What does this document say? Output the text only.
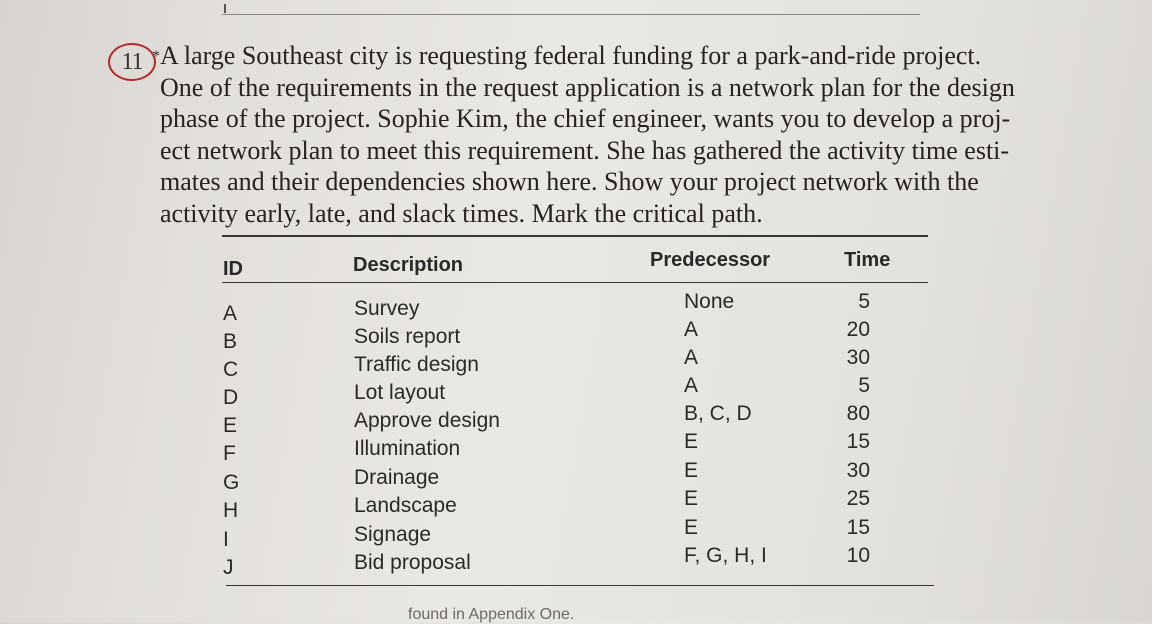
11 * A large Southeast city is requesting federal funding for a park-and-ride project.
One of the requirements in the request application is a network plan for the design
phase of the project. Sophie Kim, the chief engineer, wants you to develop a proj-
ect network plan to meet this requirement. She has gathered the activity time esti-
mates and their dependencies shown here. Show your project network with the
activity early, late, and slack times. Mark the critical path.

ID	Description	Predecessor	Time
A	Survey	None	5
B	Soils report	A	20
C	Traffic design	A	30
D	Lot layout	A	5
E	Approve design	B, C, D	80
F	Illumination	E	15
G	Drainage	E	30
H	Landscape	E	25
I	Signage	E	15
J	Bid proposal	F, G, H, I	10
found in Appendix One.
